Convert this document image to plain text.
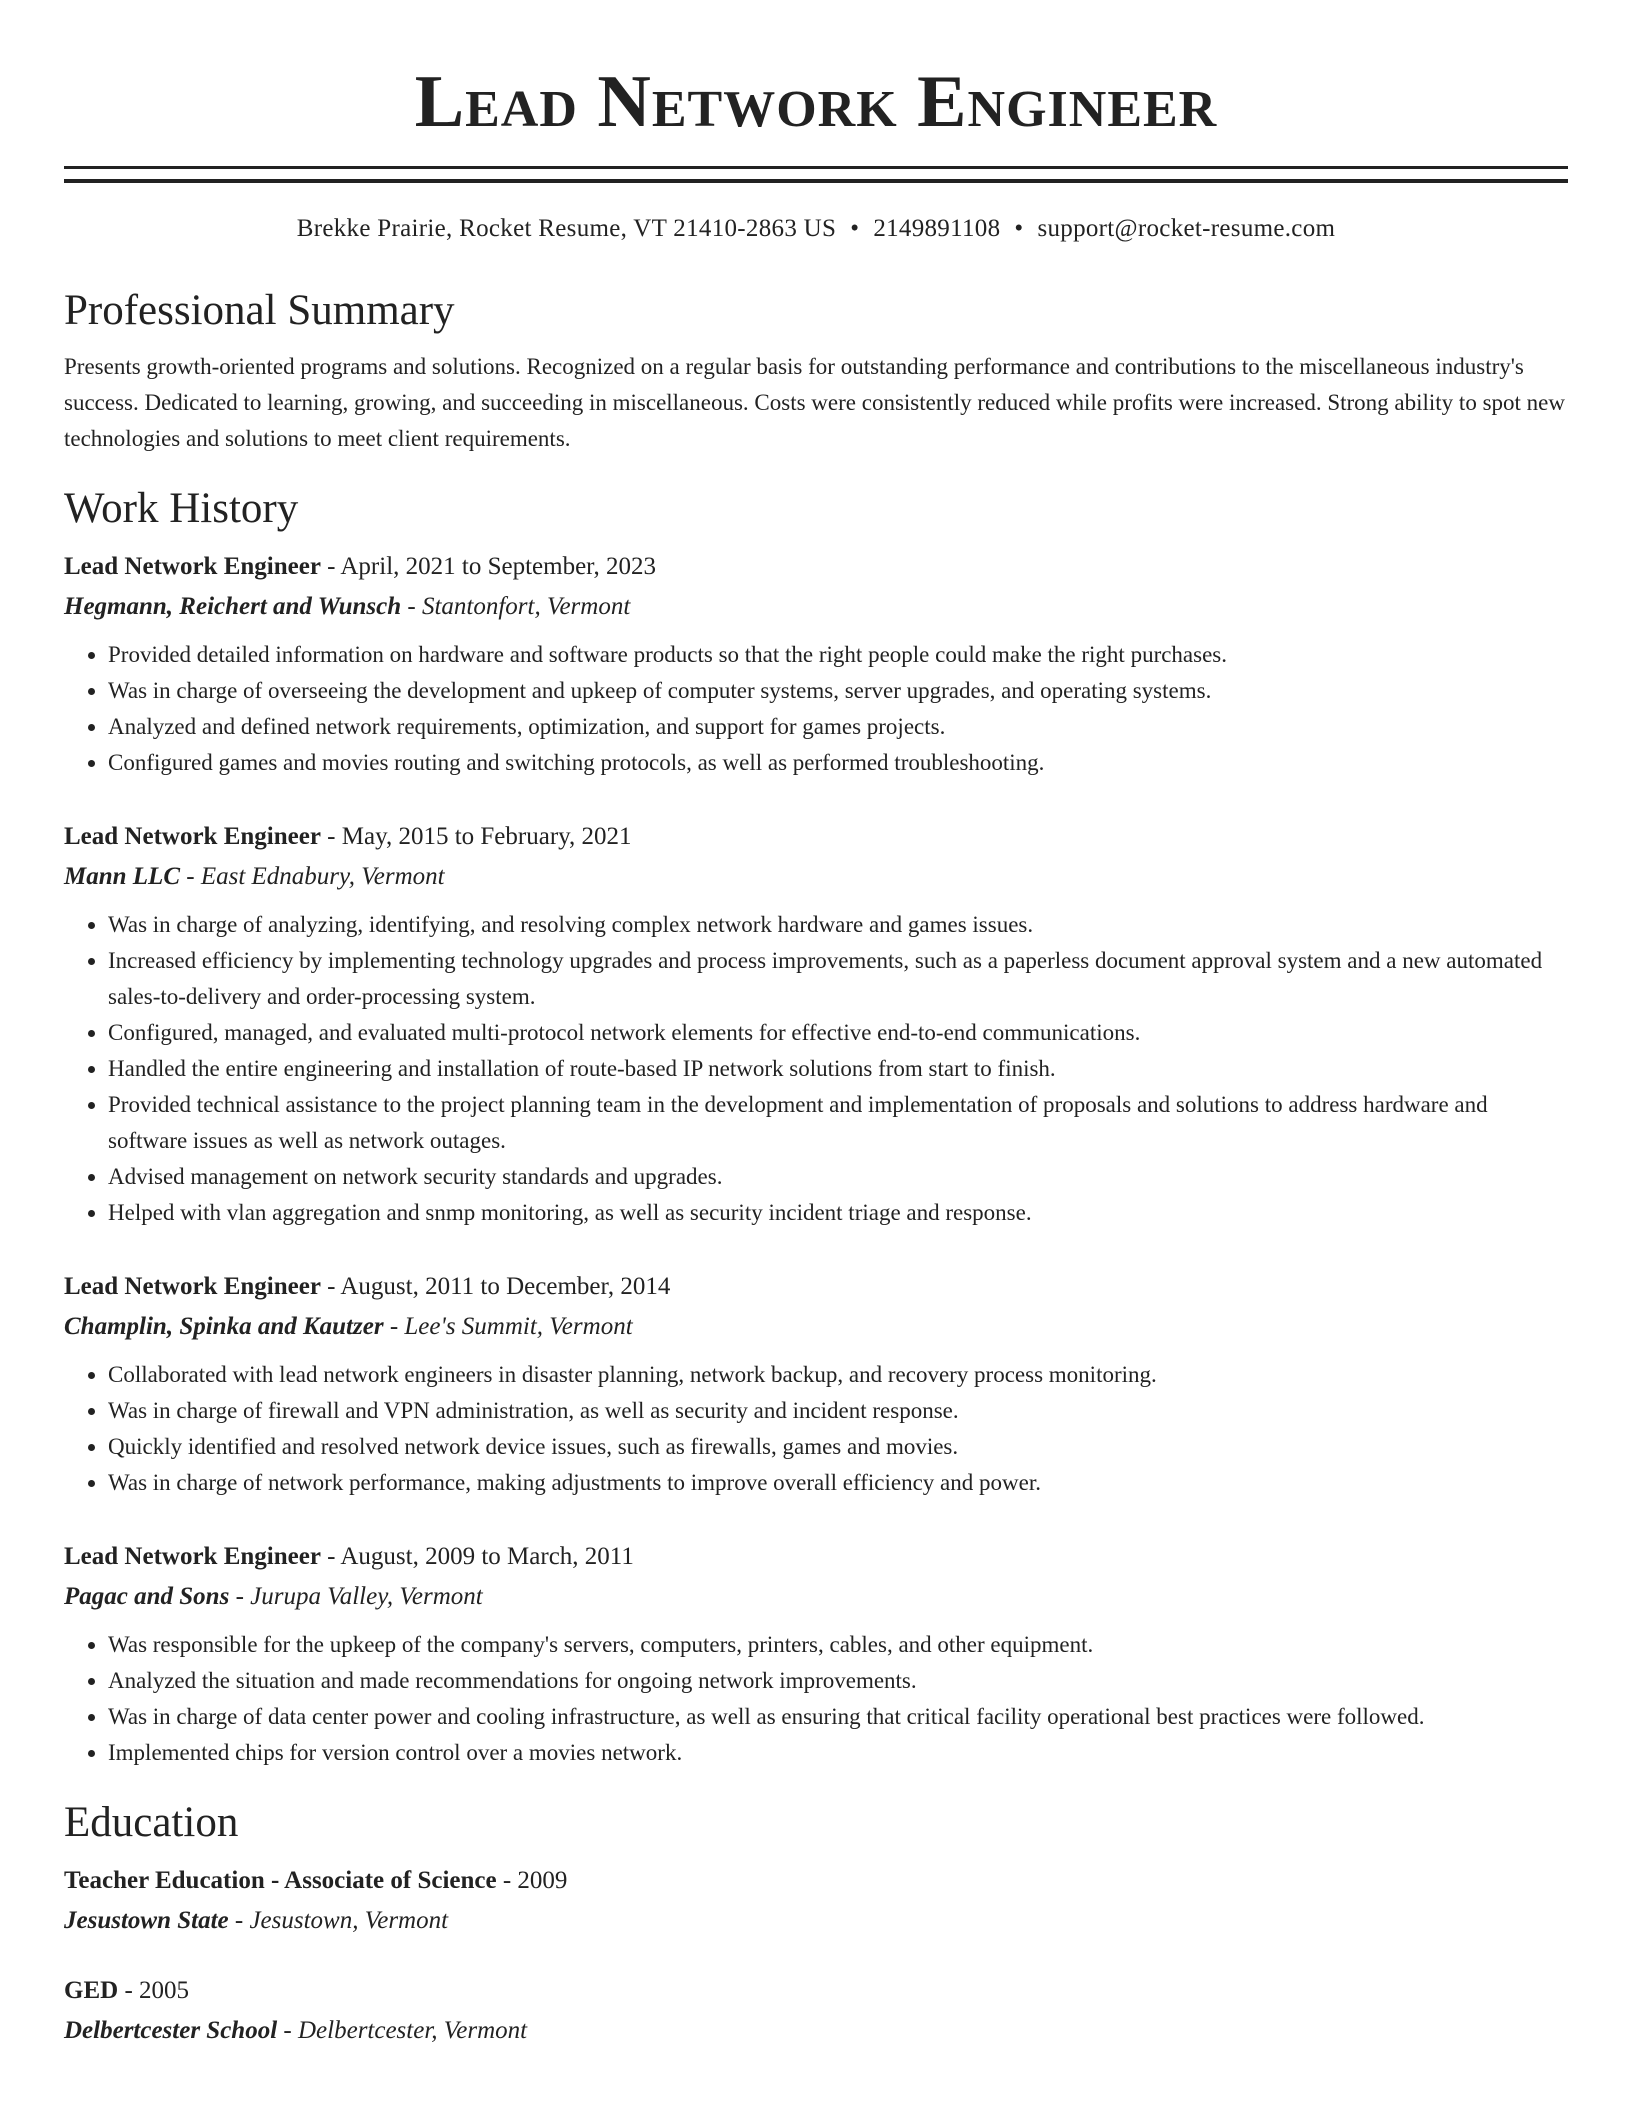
Lead Network Engineer
Brekke Prairie, Rocket Resume, VT 21410-2863 US • 2149891108 • support@rocket-resume.com
Professional Summary
Presents growth-oriented programs and solutions. Recognized on a regular basis for outstanding performance and contributions to the miscellaneous industry's success. Dedicated to learning, growing, and succeeding in miscellaneous. Costs were consistently reduced while profits were increased. Strong ability to spot new technologies and solutions to meet client requirements.
Work History
Lead Network Engineer - April, 2021 to September, 2023
Hegmann, Reichert and Wunsch - Stantonfort, Vermont
• Provided detailed information on hardware and software products so that the right people could make the right purchases.
• Was in charge of overseeing the development and upkeep of computer systems, server upgrades, and operating systems.
• Analyzed and defined network requirements, optimization, and support for games projects.
• Configured games and movies routing and switching protocols, as well as performed troubleshooting.
Lead Network Engineer - May, 2015 to February, 2021
Mann LLC - East Ednabury, Vermont
• Was in charge of analyzing, identifying, and resolving complex network hardware and games issues.
• Increased efficiency by implementing technology upgrades and process improvements, such as a paperless document approval system and a new automated sales-to-delivery and order-processing system.
• Configured, managed, and evaluated multi-protocol network elements for effective end-to-end communications.
• Handled the entire engineering and installation of route-based IP network solutions from start to finish.
• Provided technical assistance to the project planning team in the development and implementation of proposals and solutions to address hardware and software issues as well as network outages.
• Advised management on network security standards and upgrades.
• Helped with vlan aggregation and snmp monitoring, as well as security incident triage and response.
Lead Network Engineer - August, 2011 to December, 2014
Champlin, Spinka and Kautzer - Lee's Summit, Vermont
• Collaborated with lead network engineers in disaster planning, network backup, and recovery process monitoring.
• Was in charge of firewall and VPN administration, as well as security and incident response.
• Quickly identified and resolved network device issues, such as firewalls, games and movies.
• Was in charge of network performance, making adjustments to improve overall efficiency and power.
Lead Network Engineer - August, 2009 to March, 2011
Pagac and Sons - Jurupa Valley, Vermont
• Was responsible for the upkeep of the company's servers, computers, printers, cables, and other equipment.
• Analyzed the situation and made recommendations for ongoing network improvements.
• Was in charge of data center power and cooling infrastructure, as well as ensuring that critical facility operational best practices were followed.
• Implemented chips for version control over a movies network.
Education
Teacher Education - Associate of Science - 2009
Jesustown State - Jesustown, Vermont
GED - 2005
Delbertcester School - Delbertcester, Vermont
